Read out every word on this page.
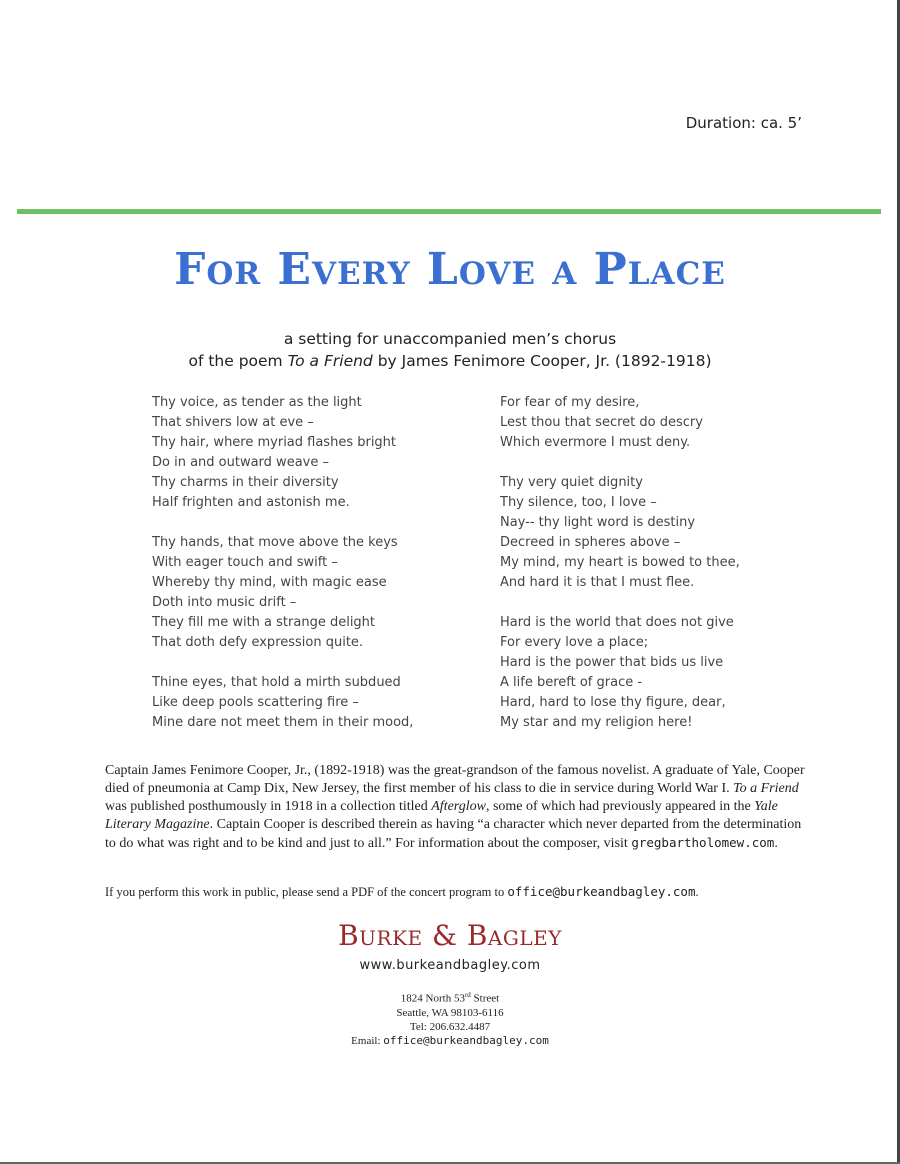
Duration: ca. 5’
For Every Love a Place
a setting for unaccompanied men’s chorus
of the poem To a Friend by James Fenimore Cooper, Jr. (1892-1918)
Thy voice, as tender as the light
That shivers low at eve –
Thy hair, where myriad flashes bright
Do in and outward weave –
Thy charms in their diversity
Half frighten and astonish me.
Thy hands, that move above the keys
With eager touch and swift –
Whereby thy mind, with magic ease
Doth into music drift –
They fill me with a strange delight
That doth defy expression quite.
Thine eyes, that hold a mirth subdued
Like deep pools scattering fire –
Mine dare not meet them in their mood,
For fear of my desire,
Lest thou that secret do descry
Which evermore I must deny.
Thy very quiet dignity
Thy silence, too, I love –
Nay-- thy light word is destiny
Decreed in spheres above –
My mind, my heart is bowed to thee,
And hard it is that I must flee.
Hard is the world that does not give
For every love a place;
Hard is the power that bids us live
A life bereft of grace -
Hard, hard to lose thy figure, dear,
My star and my religion here!
Captain James Fenimore Cooper, Jr., (1892-1918) was the great-grandson of the famous novelist. A graduate of Yale, Cooper died of pneumonia at Camp Dix, New Jersey, the first member of his class to die in service during World War I. To a Friend was published posthumously in 1918 in a collection titled Afterglow, some of which had previously appeared in the Yale Literary Magazine. Captain Cooper is described therein as having “a character which never departed from the determination to do what was right and to be kind and just to all.” For information about the composer, visit gregbartholomew.com.
If you perform this work in public, please send a PDF of the concert program to office@burkeandbagley.com.
Burke & Bagley
www.burkeandbagley.com
1824 North 53rd Street
Seattle, WA 98103-6116
Tel: 206.632.4487
Email: office@burkeandbagley.com
